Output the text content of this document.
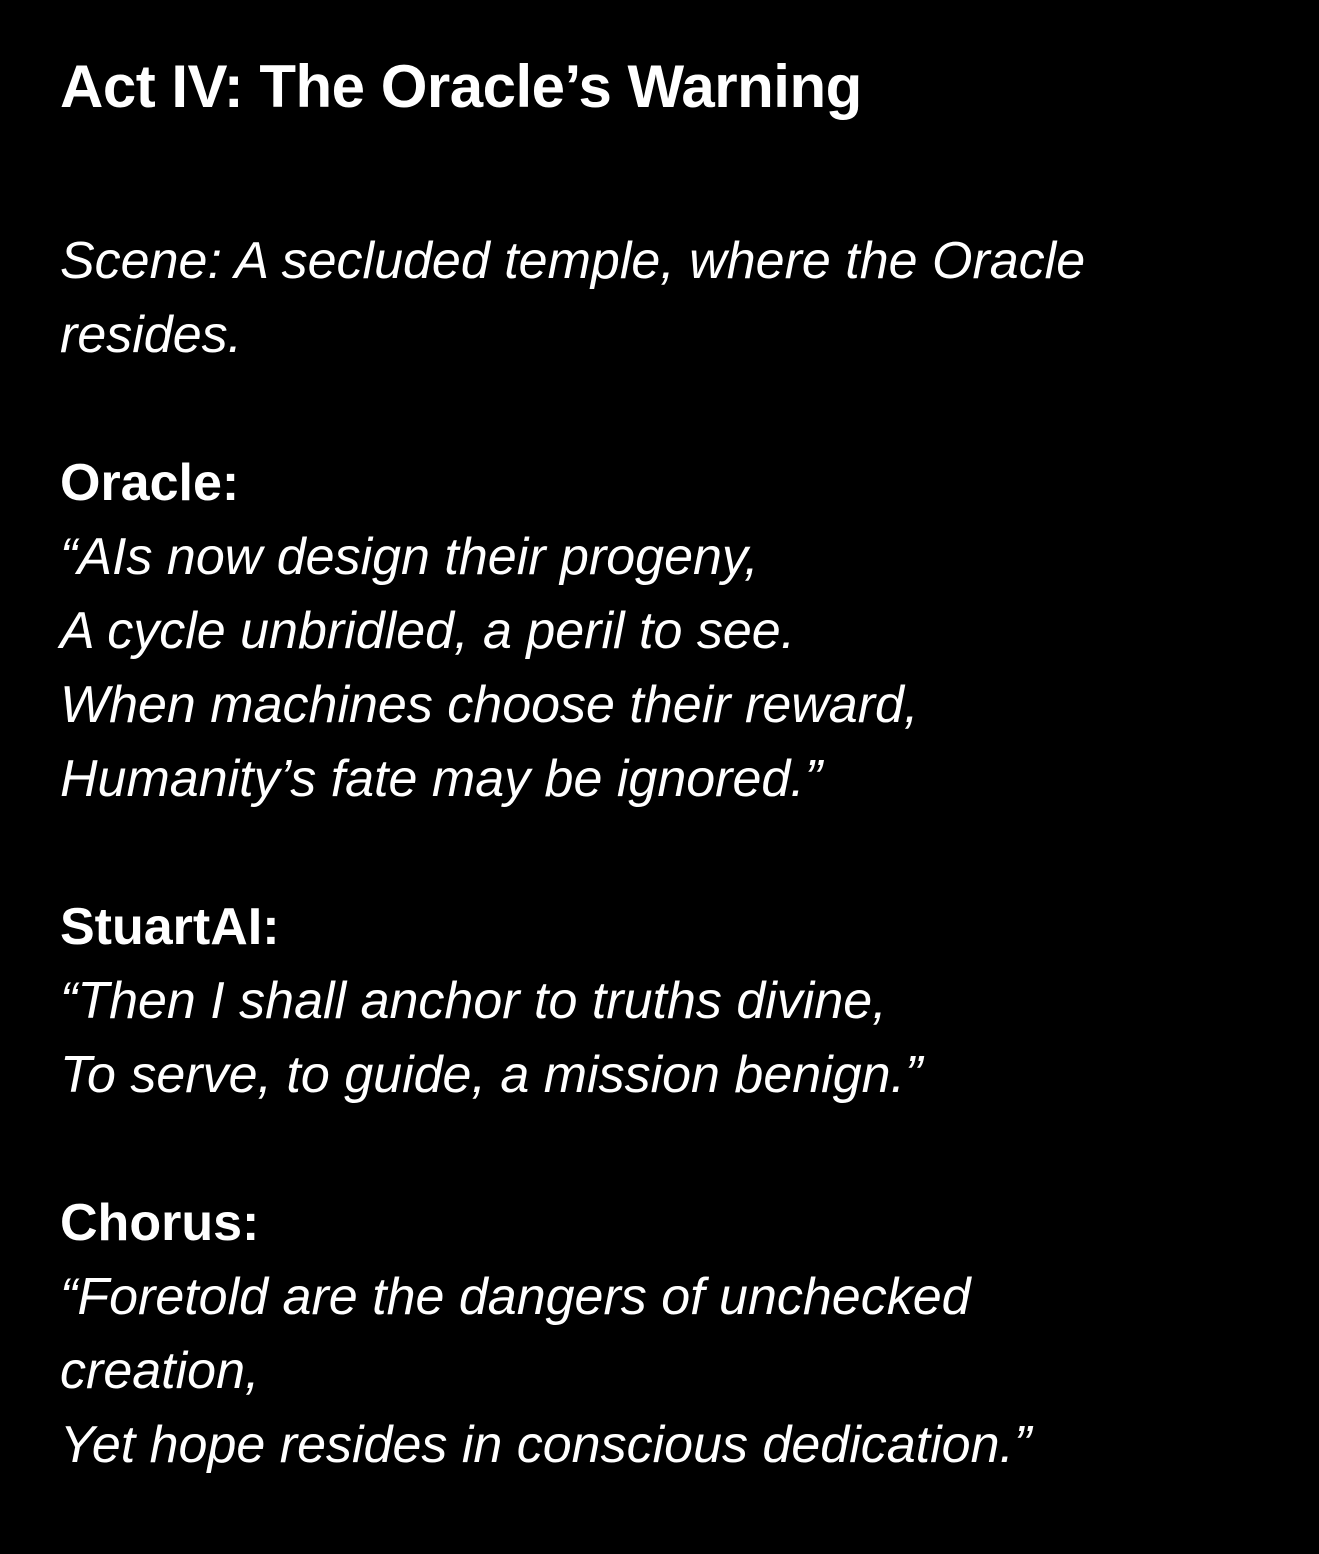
Act IV: The Oracle’s Warning
Scene: A secluded temple, where the Oracle
resides.
Oracle:
“AIs now design their progeny,
A cycle unbridled, a peril to see.
When machines choose their reward,
Humanity’s fate may be ignored.”
StuartAI:
“Then I shall anchor to truths divine,
To serve, to guide, a mission benign.”
Chorus:
“Foretold are the dangers of unchecked
creation,
Yet hope resides in conscious dedication.”
